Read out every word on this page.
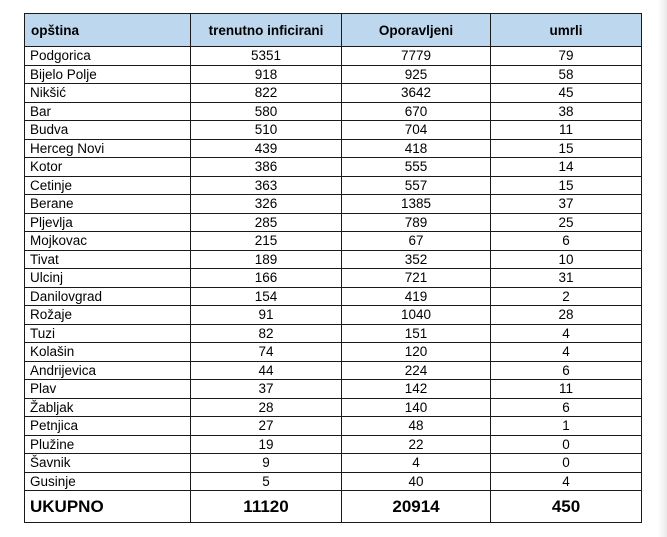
opština	trenutno inficirani	Oporavljeni	umrli
Podgorica	5351	7779	79
Bijelo Polje	918	925	58
Nikšić	822	3642	45
Bar	580	670	38
Budva	510	704	11
Herceg Novi	439	418	15
Kotor	386	555	14
Cetinje	363	557	15
Berane	326	1385	37
Pljevlja	285	789	25
Mojkovac	215	67	6
Tivat	189	352	10
Ulcinj	166	721	31
Danilovgrad	154	419	2
Rožaje	91	1040	28
Tuzi	82	151	4
Kolašin	74	120	4
Andrijevica	44	224	6
Plav	37	142	11
Žabljak	28	140	6
Petnjica	27	48	1
Plužine	19	22	0
Šavnik	9	4	0
Gusinje	5	40	4
UKUPNO	11120	20914	450
